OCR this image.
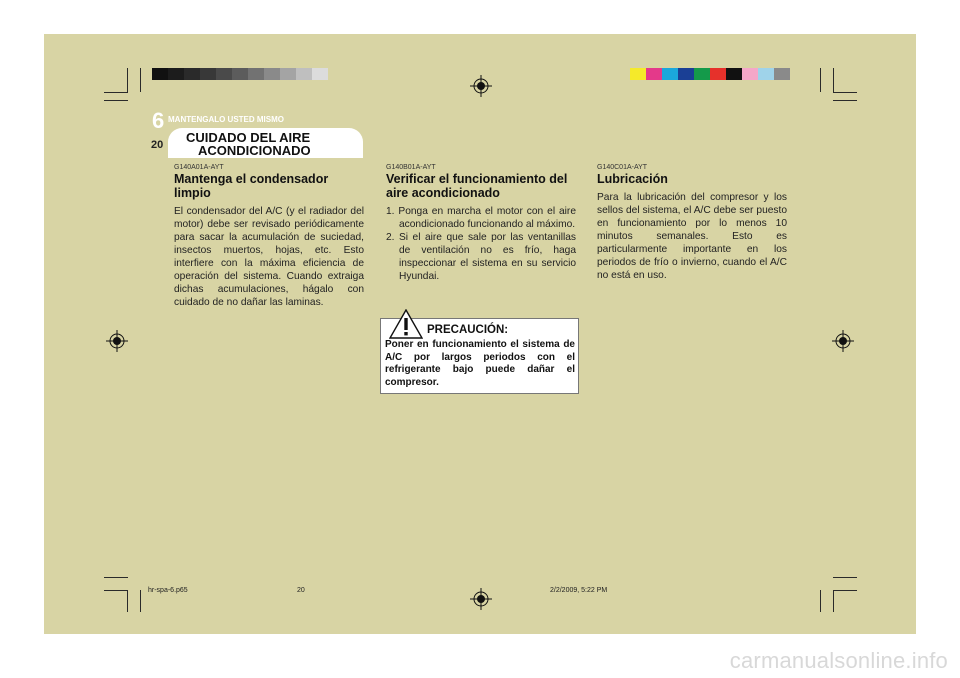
6 MANTENGALO USTED MISMO
20 CUIDADO DEL AIRE
ACONDICIONADO
G140A01A-AYT
Mantenga el condensador limpio

El condensador del A/C (y el radiador del motor) debe ser revisado periódicamente para sacar la acumulación de suciedad, insectos muertos, hojas, etc. Esto interfiere con la máxima eficiencia de operación del sistema. Cuando extraiga dichas acumulaciones, hágalo con cuidado de no dañar las laminas.

G140B01A-AYT
Verificar el funcionamiento del aire acondicionado
1. Ponga en marcha el motor con el aire acondicionado funcionando al máximo.
2. Si el aire que sale por las ventanillas de ventilación no es frío, haga inspeccionar el sistema en su servicio Hyundai.
PRECAUCIÓN:
Poner en funcionamiento el sistema de A/C por largos periodos con el refrigerante bajo puede dañar el compresor.
G140C01A-AYT
Lubricación

Para la lubricación del compresor y los sellos del sistema, el A/C debe ser puesto en funcionamiento por lo menos 10 minutos semanales. Esto es particularmente importante en los periodos de frío o invierno, cuando el A/C no está en uso.

hr-spa-6.p65	20	2/2/2009, 5:22 PM
carmanualsonline.info
